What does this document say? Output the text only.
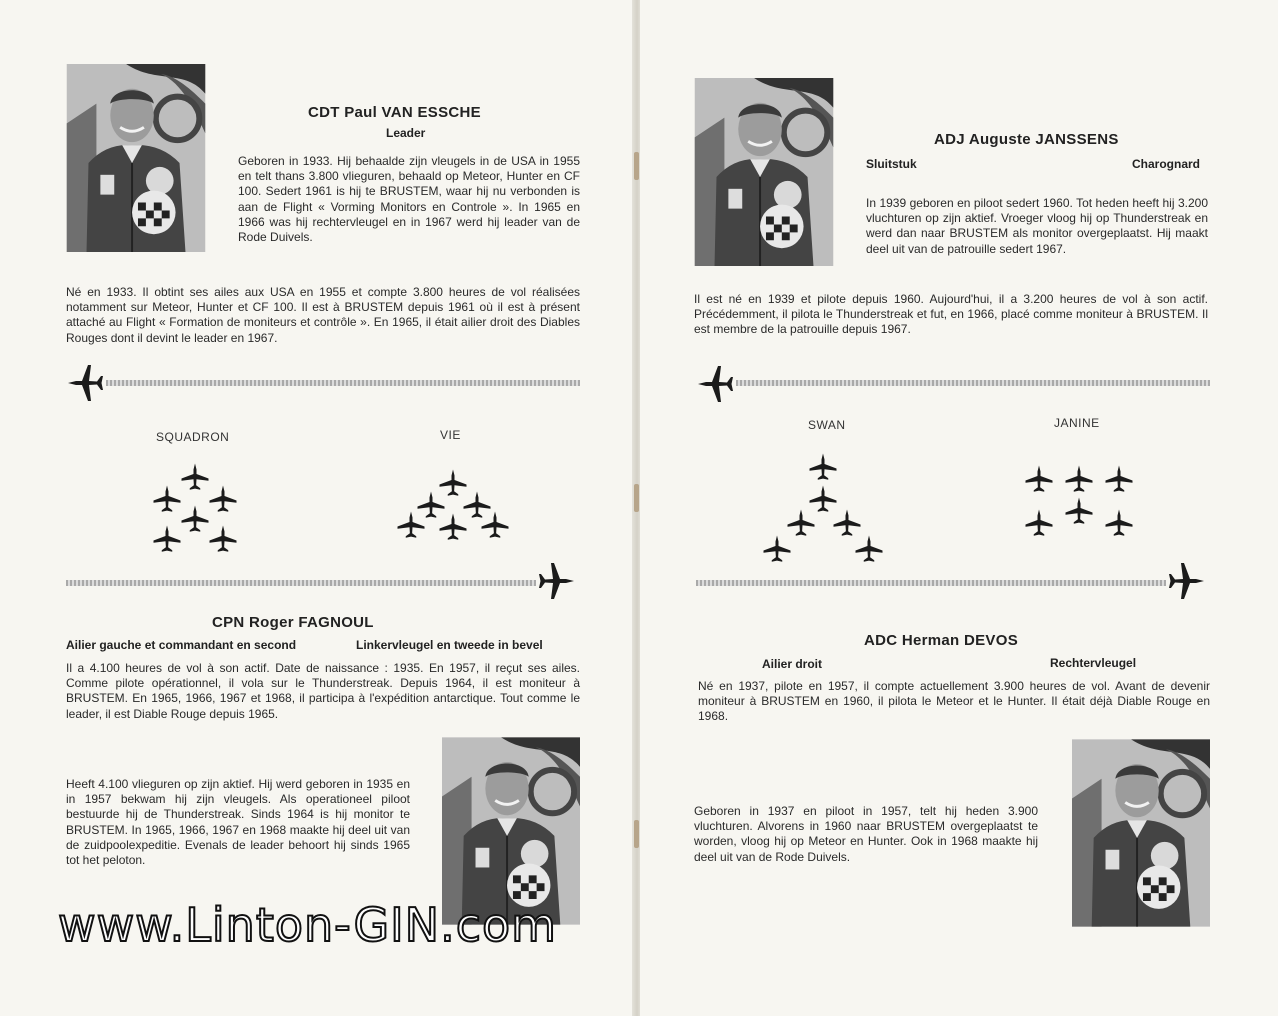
CDT Paul VAN ESSCHE
Leader
Geboren in 1933. Hij behaalde zijn vleugels in de USA in 1955 en telt thans 3.800 vlieguren, behaald op Meteor, Hunter en CF 100. Sedert 1961 is hij te BRUSTEM, waar hij nu verbonden is aan de Flight « Vorming Monitors en Controle ». In 1965 en 1966 was hij rechtervleugel en in 1967 werd hij leader van de Rode Duivels.
Né en 1933. Il obtint ses ailes aux USA en 1955 et compte 3.800 heures de vol réalisées notamment sur Meteor, Hunter et CF 100. Il est à BRUSTEM depuis 1961 où il est à présent attaché au Flight « Formation de moniteurs et contrôle ». En 1965, il était ailier droit des Diables Rouges dont il devint le leader en 1967.
SQUADRON	VIE
CPN Roger FAGNOUL
Ailier gauche et commandant en second	Linkervleugel en tweede in bevel
Il a 4.100 heures de vol à son actif. Date de naissance : 1935. En 1957, il reçut ses ailes. Comme pilote opérationnel, il vola sur le Thunderstreak. Depuis 1964, il est moniteur à BRUSTEM. En 1965, 1966, 1967 et 1968, il participa à l'expédition antarctique. Tout comme le leader, il est Diable Rouge depuis 1965.
Heeft 4.100 vlieguren op zijn aktief. Hij werd geboren in 1935 en in 1957 bekwam hij zijn vleugels. Als operationeel piloot bestuurde hij de Thunderstreak. Sinds 1964 is hij monitor te BRUSTEM. In 1965, 1966, 1967 en 1968 maakte hij deel uit van de zuidpoolexpeditie. Evenals de leader behoort hij sinds 1965 tot het peloton.
www.Linton-GIN.com
ADJ Auguste JANSSENS
Sluitstuk	Charognard
In 1939 geboren en piloot sedert 1960. Tot heden heeft hij 3.200 vluchturen op zijn aktief. Vroeger vloog hij op Thunderstreak en werd dan naar BRUSTEM als monitor overgeplaatst. Hij maakt deel uit van de patrouille sedert 1967.
Il est né en 1939 et pilote depuis 1960. Aujourd'hui, il a 3.200 heures de vol à son actif. Précédemment, il pilota le Thunderstreak et fut, en 1966, placé comme moniteur à BRUSTEM. Il est membre de la patrouille depuis 1967.
SWAN	JANINE
ADC Herman DEVOS
Ailier droit	Rechtervleugel
Né en 1937, pilote en 1957, il compte actuellement 3.900 heures de vol. Avant de devenir moniteur à BRUSTEM en 1960, il pilota le Meteor et le Hunter. Il était déjà Diable Rouge en 1968.
Geboren in 1937 en piloot in 1957, telt hij heden 3.900 vluchturen. Alvorens in 1960 naar BRUSTEM overgeplaatst te worden, vloog hij op Meteor en Hunter. Ook in 1968 maakte hij deel uit van de Rode Duivels.
